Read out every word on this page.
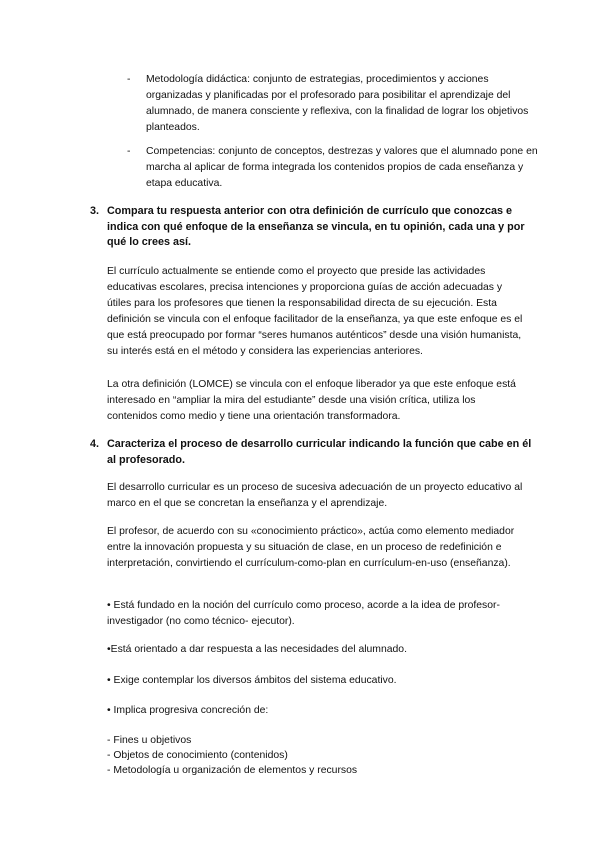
- Metodología didáctica: conjunto de estrategias, procedimientos y acciones organizadas y planificadas por el profesorado para posibilitar el aprendizaje del alumnado, de manera consciente y reflexiva, con la finalidad de lograr los objetivos planteados.

- Competencias: conjunto de conceptos, destrezas y valores que el alumnado pone en marcha al aplicar de forma integrada los contenidos propios de cada enseñanza y etapa educativa.

3. Compara tu respuesta anterior con otra definición de currículo que conozcas e indica con qué enfoque de la enseñanza se vincula, en tu opinión, cada una y por qué lo crees así.

El currículo actualmente se entiende como el proyecto que preside las actividades educativas escolares, precisa intenciones y proporciona guías de acción adecuadas y útiles para los profesores que tienen la responsabilidad directa de su ejecución. Esta definición se vincula con el enfoque facilitador de la enseñanza, ya que este enfoque es el que está preocupado por formar “seres humanos auténticos” desde una visión humanista, su interés está en el método y considera las experiencias anteriores.

La otra definición (LOMCE) se vincula con el enfoque liberador ya que este enfoque está interesado en “ampliar la mira del estudiante” desde una visión crítica, utiliza los contenidos como medio y tiene una orientación transformadora.

4. Caracteriza el proceso de desarrollo curricular indicando la función que cabe en él al profesorado.

El desarrollo curricular es un proceso de sucesiva adecuación de un proyecto educativo al marco en el que se concretan la enseñanza y el aprendizaje.

El profesor, de acuerdo con su «conocimiento práctico», actúa como elemento mediador entre la innovación propuesta y su situación de clase, en un proceso de redefinición e interpretación, convirtiendo el currículum-como-plan en currículum-en-uso (enseñanza).

• Está fundado en la noción del currículo como proceso, acorde a la idea de profesor- investigador (no como técnico- ejecutor).

•Está orientado a dar respuesta a las necesidades del alumnado.

• Exige contemplar los diversos ámbitos del sistema educativo.

• Implica progresiva concreción de:

- Fines u objetivos

- Objetos de conocimiento (contenidos)

- Metodología u organización de elementos y recursos
